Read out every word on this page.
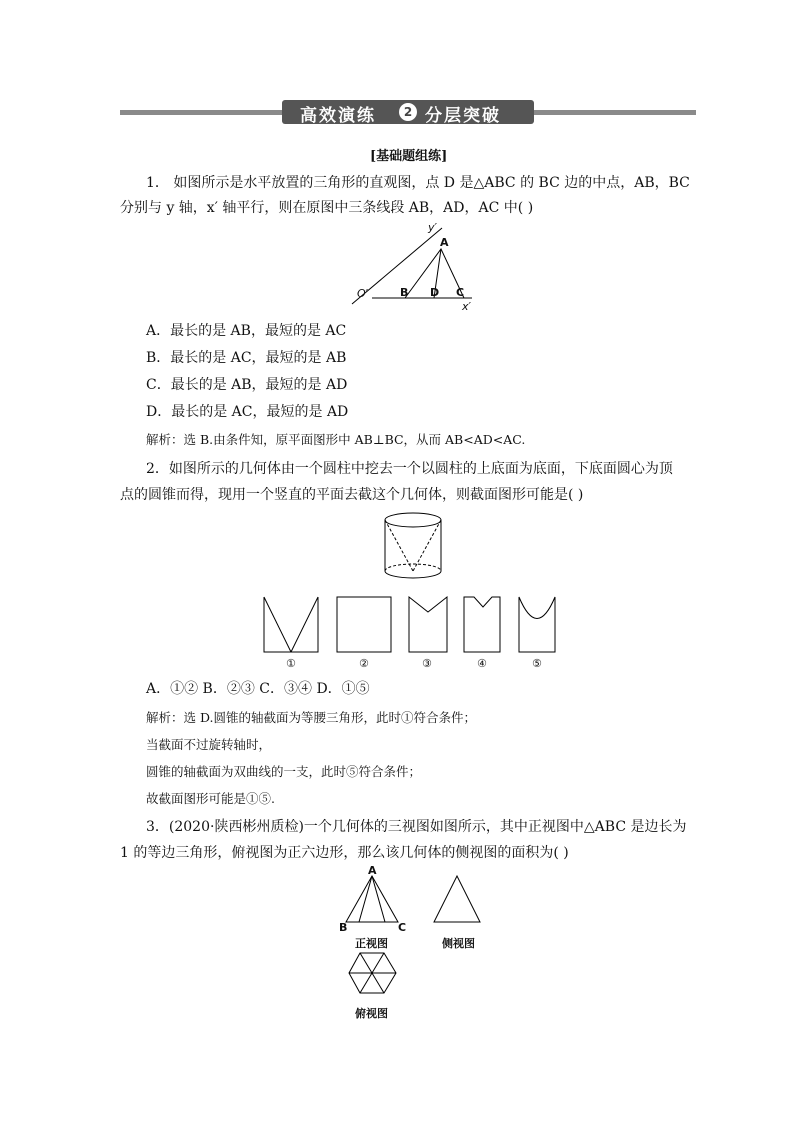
高效演练	2 分层突破
[基础题组练]
1． 如图所示是水平放置的三角形的直观图，点 D 是△ABC 的 BC 边的中点，AB，BC
分别与 y 轴，x′ 轴平行，则在原图中三条线段 AB，AD，AC 中( )
y′
O′
x′
A
B D C
A．最长的是 AB，最短的是 AC
B．最长的是 AC，最短的是 AB
C．最长的是 AB，最短的是 AD
D．最长的是 AC，最短的是 AD
解析：选 B.由条件知，原平面图形中 AB⊥BC，从而 AB<AD<AC.
2．如图所示的几何体由一个圆柱中挖去一个以圆柱的上底面为底面，下底面圆心为顶
点的圆锥而得，现用一个竖直的平面去截这个几何体，则截面图形可能是( )
①	②	③	④	⑤
A．①② B．②③ C．③④ D．①⑤
解析：选 D.圆锥的轴截面为等腰三角形，此时①符合条件；
当截面不过旋转轴时，
圆锥的轴截面为双曲线的一支，此时⑤符合条件；
故截面图形可能是①⑤.
3．(2020·陕西彬州质检)一个几何体的三视图如图所示，其中正视图中△ABC 是边长为
1 的等边三角形，俯视图为正六边形，那么该几何体的侧视图的面积为( )
A
B	C
正视图	侧视图
俯视图
